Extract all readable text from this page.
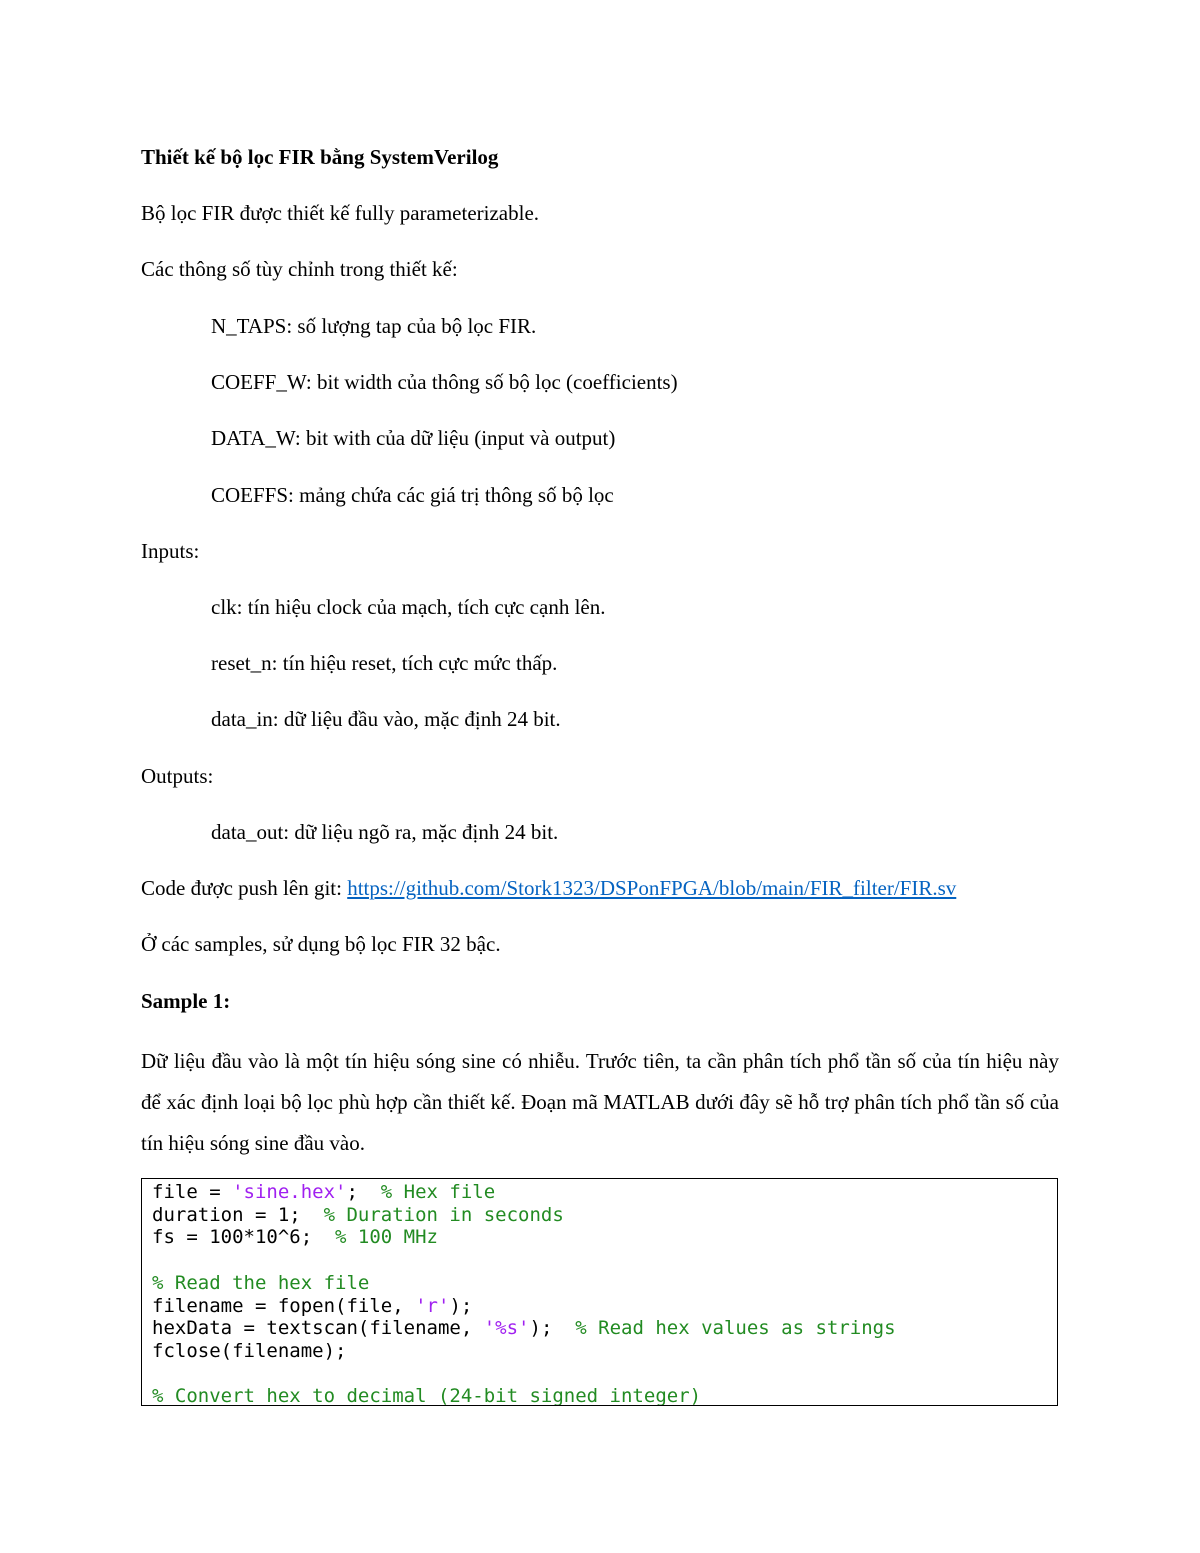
Thiết kế bộ lọc FIR bằng SystemVerilog
Bộ lọc FIR được thiết kế fully parameterizable.
Các thông số tùy chỉnh trong thiết kế:
N_TAPS: số lượng tap của bộ lọc FIR.
COEFF_W: bit width của thông số bộ lọc (coefficients)
DATA_W: bit with của dữ liệu (input và output)
COEFFS: mảng chứa các giá trị thông số bộ lọc
Inputs:
clk: tín hiệu clock của mạch, tích cực cạnh lên.
reset_n: tín hiệu reset, tích cực mức thấp.
data_in: dữ liệu đầu vào, mặc định 24 bit.
Outputs:
data_out: dữ liệu ngõ ra, mặc định 24 bit.
Code được push lên git: https://github.com/Stork1323/DSPonFPGA/blob/main/FIR_filter/FIR.sv
Ở các samples, sử dụng bộ lọc FIR 32 bậc.
Sample 1:
Dữ liệu đầu vào là một tín hiệu sóng sine có nhiễu. Trước tiên, ta cần phân tích phổ tần số của tín hiệu này để xác định loại bộ lọc phù hợp cần thiết kế. Đoạn mã MATLAB dưới đây sẽ hỗ trợ phân tích phổ tần số của tín hiệu sóng sine đầu vào.
file = 'sine.hex';  % Hex file
duration = 1;  % Duration in seconds
fs = 100*10^6;  % 100 MHz

% Read the hex file
filename = fopen(file, 'r');
hexData = textscan(filename, '%s');  % Read hex values as strings
fclose(filename);

% Convert hex to decimal (24-bit signed integer)
